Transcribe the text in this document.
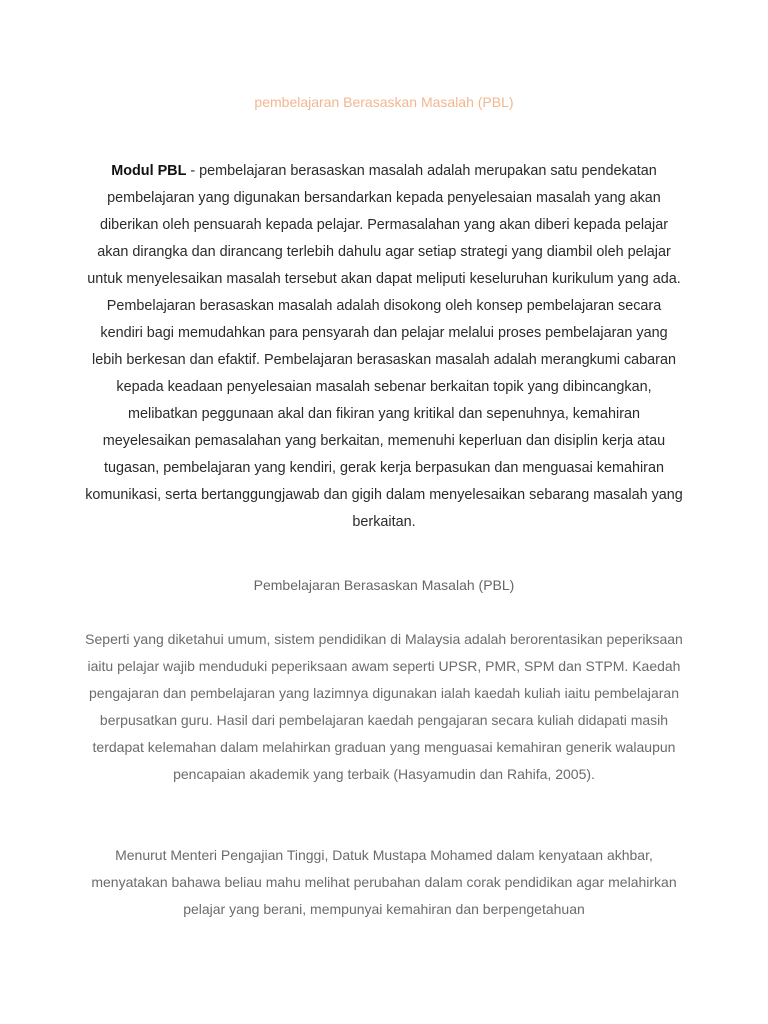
pembelajaran Berasaskan Masalah (PBL)

Modul PBL - pembelajaran berasaskan masalah adalah merupakan satu pendekatan pembelajaran yang digunakan bersandarkan kepada penyelesaian masalah yang akan diberikan oleh pensuarah kepada pelajar. Permasalahan yang akan diberi kepada pelajar akan dirangka dan dirancang terlebih dahulu agar setiap strategi yang diambil oleh pelajar untuk menyelesaikan masalah tersebut akan dapat meliputi keseluruhan kurikulum yang ada. Pembelajaran berasaskan masalah adalah disokong oleh konsep pembelajaran secara kendiri bagi memudahkan para pensyarah dan pelajar melalui proses pembelajaran yang lebih berkesan dan efaktif. Pembelajaran berasaskan masalah adalah merangkumi cabaran kepada keadaan penyelesaian masalah sebenar berkaitan topik yang dibincangkan, melibatkan peggunaan akal dan fikiran yang kritikal dan sepenuhnya, kemahiran meyelesaikan pemasalahan yang berkaitan, memenuhi keperluan dan disiplin kerja atau tugasan, pembelajaran yang kendiri, gerak kerja berpasukan dan menguasai kemahiran komunikasi, serta bertanggungjawab dan gigih dalam menyelesaikan sebarang masalah yang berkaitan.

Pembelajaran Berasaskan Masalah (PBL)

Seperti yang diketahui umum, sistem pendidikan di Malaysia adalah berorentasikan peperiksaan iaitu pelajar wajib menduduki peperiksaan awam seperti UPSR, PMR, SPM dan STPM. Kaedah pengajaran dan pembelajaran yang lazimnya digunakan ialah kaedah kuliah iaitu pembelajaran berpusatkan guru. Hasil dari pembelajaran kaedah pengajaran secara kuliah didapati masih terdapat kelemahan dalam melahirkan graduan yang menguasai kemahiran generik walaupun pencapaian akademik yang terbaik (Hasyamudin dan Rahifa, 2005).

Menurut Menteri Pengajian Tinggi, Datuk Mustapa Mohamed dalam kenyataan akhbar, menyatakan bahawa beliau mahu melihat perubahan dalam corak pendidikan agar melahirkan pelajar yang berani, mempunyai kemahiran dan berpengetahuan
